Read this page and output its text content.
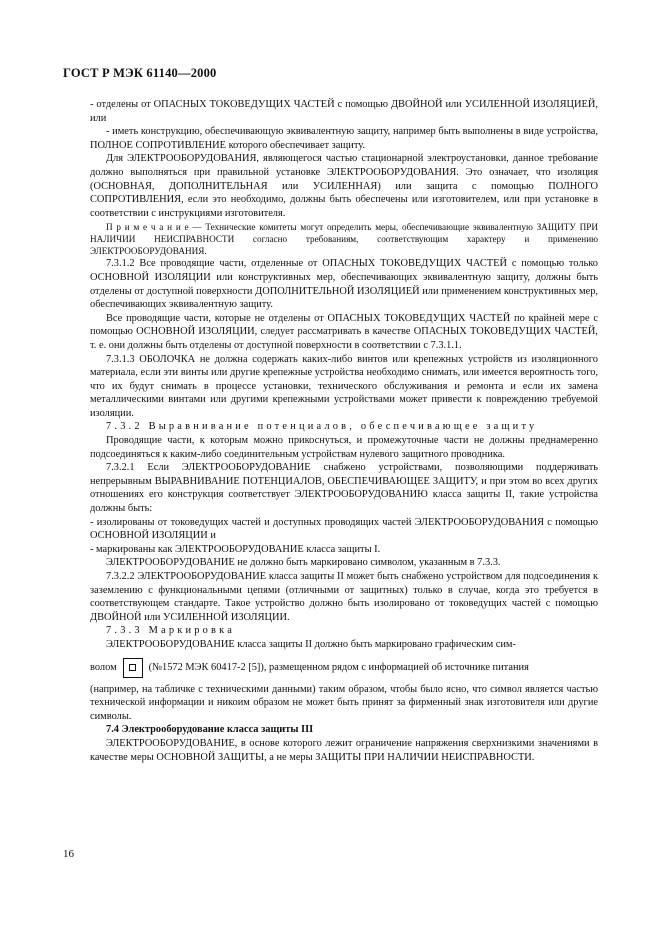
ГОСТ Р МЭК 61140—2000

- отделены от ОПАСНЫХ ТОКОВЕДУЩИХ ЧАСТЕЙ с помощью ДВОЙНОЙ или УСИЛЕННОЙ ИЗОЛЯЦИЕЙ, или

- иметь конструкцию, обеспечивающую эквивалентную защиту, например быть выполнены в виде устройства, ПОЛНОЕ СОПРОТИВЛЕНИЕ которого обеспечивает защиту.

Для ЭЛЕКТРООБОРУДОВАНИЯ, являющегося частью стационарной электроустановки, данное требование должно выполняться при правильной установке ЭЛЕКТРООБОРУДОВАНИЯ. Это означает, что изоляция (ОСНОВНАЯ, ДОПОЛНИТЕЛЬНАЯ или УСИЛЕННАЯ) или защита с помощью ПОЛНОГО СОПРОТИВЛЕНИЯ, если это необходимо, должны быть обеспечены или изготовителем, или при установке в соответствии с инструкциями изготовителя.

П р и м е ч а н и е — Технические комитеты могут определить меры, обеспечивающие эквивалентную ЗАЩИТУ ПРИ НАЛИЧИИ НЕИСПРАВНОСТИ согласно требованиям, соответствующим характеру и применению ЭЛЕКТРООБОРУДОВАНИЯ.

7.3.1.2 Все проводящие части, отделенные от ОПАСНЫХ ТОКОВЕДУЩИХ ЧАСТЕЙ с помощью только ОСНОВНОЙ ИЗОЛЯЦИИ или конструктивных мер, обеспечивающих эквивалентную защиту, должны быть отделены от доступной поверхности ДОПОЛНИТЕЛЬНОЙ ИЗОЛЯЦИЕЙ или применением конструктивных мер, обеспечивающих эквивалентную защиту.

Все проводящие части, которые не отделены от ОПАСНЫХ ТОКОВЕДУЩИХ ЧАСТЕЙ по крайней мере с помощью ОСНОВНОЙ ИЗОЛЯЦИИ, следует рассматривать в качестве ОПАСНЫХ ТОКОВЕДУЩИХ ЧАСТЕЙ, т. е. они должны быть отделены от доступной поверхности в соответствии с 7.3.1.1.

7.3.1.3 ОБОЛОЧКА не должна содержать каких-либо винтов или крепежных устройств из изоляционного материала, если эти винты или другие крепежные устройства необходимо снимать, или имеется вероятность того, что их будут снимать в процессе установки, технического обслуживания и ремонта и если их замена металлическими винтами или другими крепежными устройствами может привести к повреждению требуемой изоляции.

7.3.2 Выравнивание потенциалов, обеспечивающее защиту

Проводящие части, к которым можно прикоснуться, и промежуточные части не должны преднамеренно подсоединяться к каким-либо соединительным устройствам нулевого защитного проводника.

7.3.2.1 Если ЭЛЕКТРООБОРУДОВАНИЕ снабжено устройствами, позволяющими поддерживать непрерывным ВЫРАВНИВАНИЕ ПОТЕНЦИАЛОВ, ОБЕСПЕЧИВАЮЩЕЕ ЗАЩИТУ, и при этом во всех других отношениях его конструкция соответствует ЭЛЕКТРООБОРУДОВАНИЮ класса защиты II, такие устройства должны быть:

- изолированы от токоведущих частей и доступных проводящих частей ЭЛЕКТРООБОРУДОВАНИЯ с помощью ОСНОВНОЙ ИЗОЛЯЦИИ и

- маркированы как ЭЛЕКТРООБОРУДОВАНИЕ класса защиты I.

ЭЛЕКТРООБОРУДОВАНИЕ не должно быть маркировано символом, указанным в 7.3.3.

7.3.2.2 ЭЛЕКТРООБОРУДОВАНИЕ класса защиты II может быть снабжено устройством для подсоединения к заземлению с функциональными цепями (отличными от защитных) только в случае, когда это требуется в соответствующем стандарте. Такое устройство должно быть изолировано от токоведущих частей с помощью ДВОЙНОЙ или УСИЛЕННОЙ ИЗОЛЯЦИИ.

7.3.3 Маркировка

ЭЛЕКТРООБОРУДОВАНИЕ класса защиты II должно быть маркировано графическим сим-

волом	(№1572 МЭК 60417-2 [5]), размещенном рядом с информацией об источнике питания

(например, на табличке с техническими данными) таким образом, чтобы было ясно, что символ является частью технической информации и никоим образом не может быть принят за фирменный знак изготовителя или другие символы.

7.4 Электрооборудование класса защиты III

ЭЛЕКТРООБОРУДОВАНИЕ, в основе которого лежит ограничение напряжения сверхнизкими значениями в качестве меры ОСНОВНОЙ ЗАЩИТЫ, а не меры ЗАЩИТЫ ПРИ НАЛИЧИИ НЕИСПРАВНОСТИ.

16
